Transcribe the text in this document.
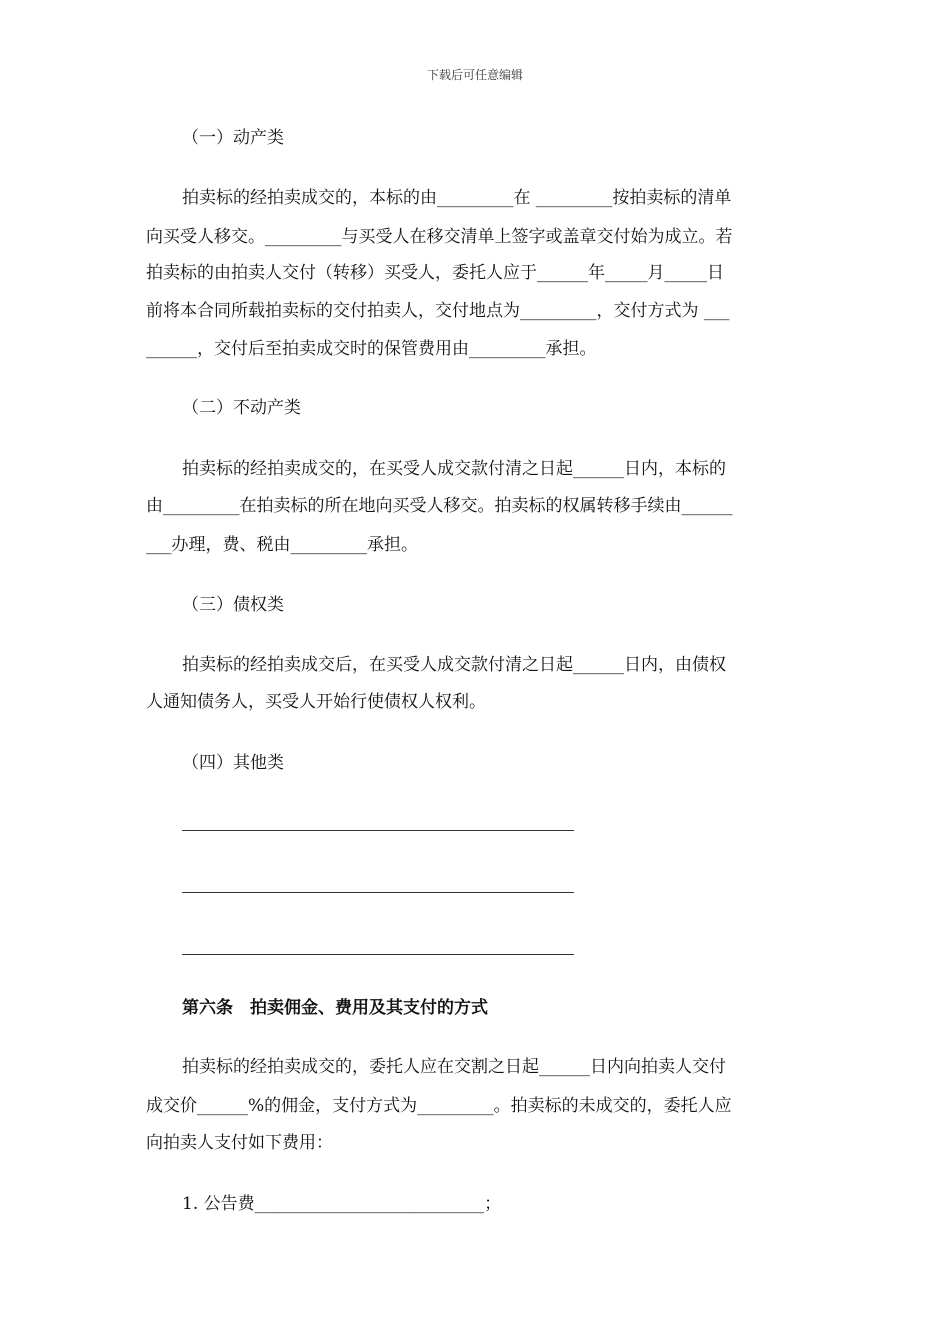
下载后可任意编辑
（一）动产类
拍卖标的经拍卖成交的，本标的由_________在 _________按拍卖标的清单
向买受人移交。_________与买受人在移交清单上签字或盖章交付始为成立。若
拍卖标的由拍卖人交付（转移）买受人，委托人应于______年_____月_____日
前将本合同所载拍卖标的交付拍卖人，交付地点为_________，交付方式为 ___
______，交付后至拍卖成交时的保管费用由_________承担。
（二）不动产类
拍卖标的经拍卖成交的，在买受人成交款付清之日起______日内，本标的
由_________在拍卖标的所在地向买受人移交。拍卖标的权属转移手续由______
___办理，费、税由_________承担。
（三）债权类
拍卖标的经拍卖成交后，在买受人成交款付清之日起______日内，由债权
人通知债务人，买受人开始行使债权人权利。
（四）其他类
第六条　拍卖佣金、费用及其支付的方式
拍卖标的经拍卖成交的，委托人应在交割之日起______日内向拍卖人交付
成交价______%的佣金，支付方式为_________。拍卖标的未成交的，委托人应
向拍卖人支付如下费用：
1. 公告费___________________________；
